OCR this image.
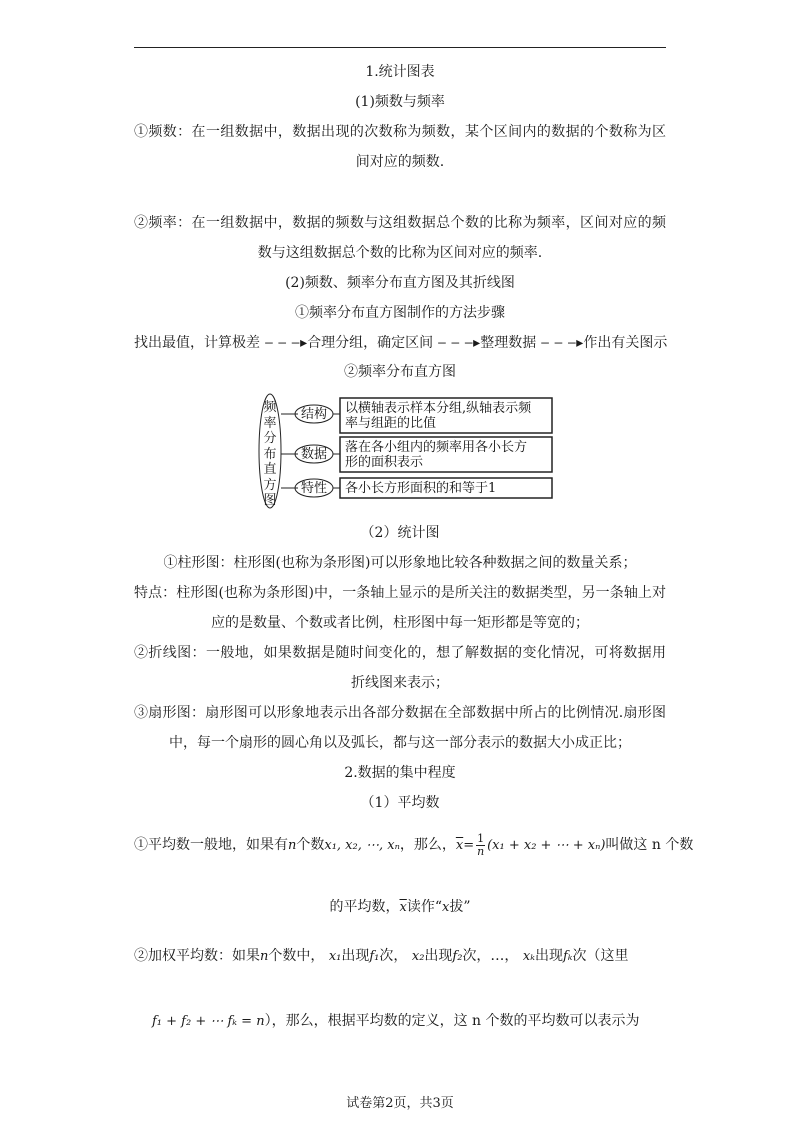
1.统计图表
(1)频数与频率
①频数：在一组数据中，数据出现的次数称为频数，某个区间内的数据的个数称为区
间对应的频数.
②频率：在一组数据中，数据的频数与这组数据总个数的比称为频率，区间对应的频
数与这组数据总个数的比称为区间对应的频率.
(2)频数、频率分布直方图及其折线图
①频率分布直方图制作的方法步骤
找出最值，计算极差 ‒ ‒ ‒▸合理分组，确定区间 ‒ ‒ ‒▸整理数据 ‒ ‒ ‒▸作出有关图示
②频率分布直方图
频
率
分
布
直
方
图
结构
数据
特性
以横轴表示样本分组,纵轴表示频
率与组距的比值
落在各小组内的频率用各小长方
形的面积表示
各小长方形面积的和等于1
（2）统计图
①柱形图：柱形图(也称为条形图)可以形象地比较各种数据之间的数量关系；
特点：柱形图(也称为条形图)中，一条轴上显示的是所关注的数据类型，另一条轴上对
应的是数量、个数或者比例，柱形图中每一矩形都是等宽的；
②折线图：一般地，如果数据是随时间变化的，想了解数据的变化情况，可将数据用
折线图来表示；
③扇形图：扇形图可以形象地表示出各部分数据在全部数据中所占的比例情况.扇形图
中，每一个扇形的圆心角以及弧长，都与这一部分表示的数据大小成正比；
2.数据的集中程度
（1）平均数
①平均数一般地，如果有n个数x₁, x₂, ⋯, xₙ，那么，$\overline{x}= \frac{1}{n} (x_1 + x_2$ + ⋯ + xₙ)叫做这 n 个数
的平均数，$\overline{x}$读作“x拔”
②加权平均数：如果n个数中， x₁出现f₁次， x₂出现f₂次，…， xₖ出现fₖ次（这里
f₁ + f₂ + ⋯ fₖ = n），那么，根据平均数的定义，这 n 个数的平均数可以表示为
试卷第2页，共3页
